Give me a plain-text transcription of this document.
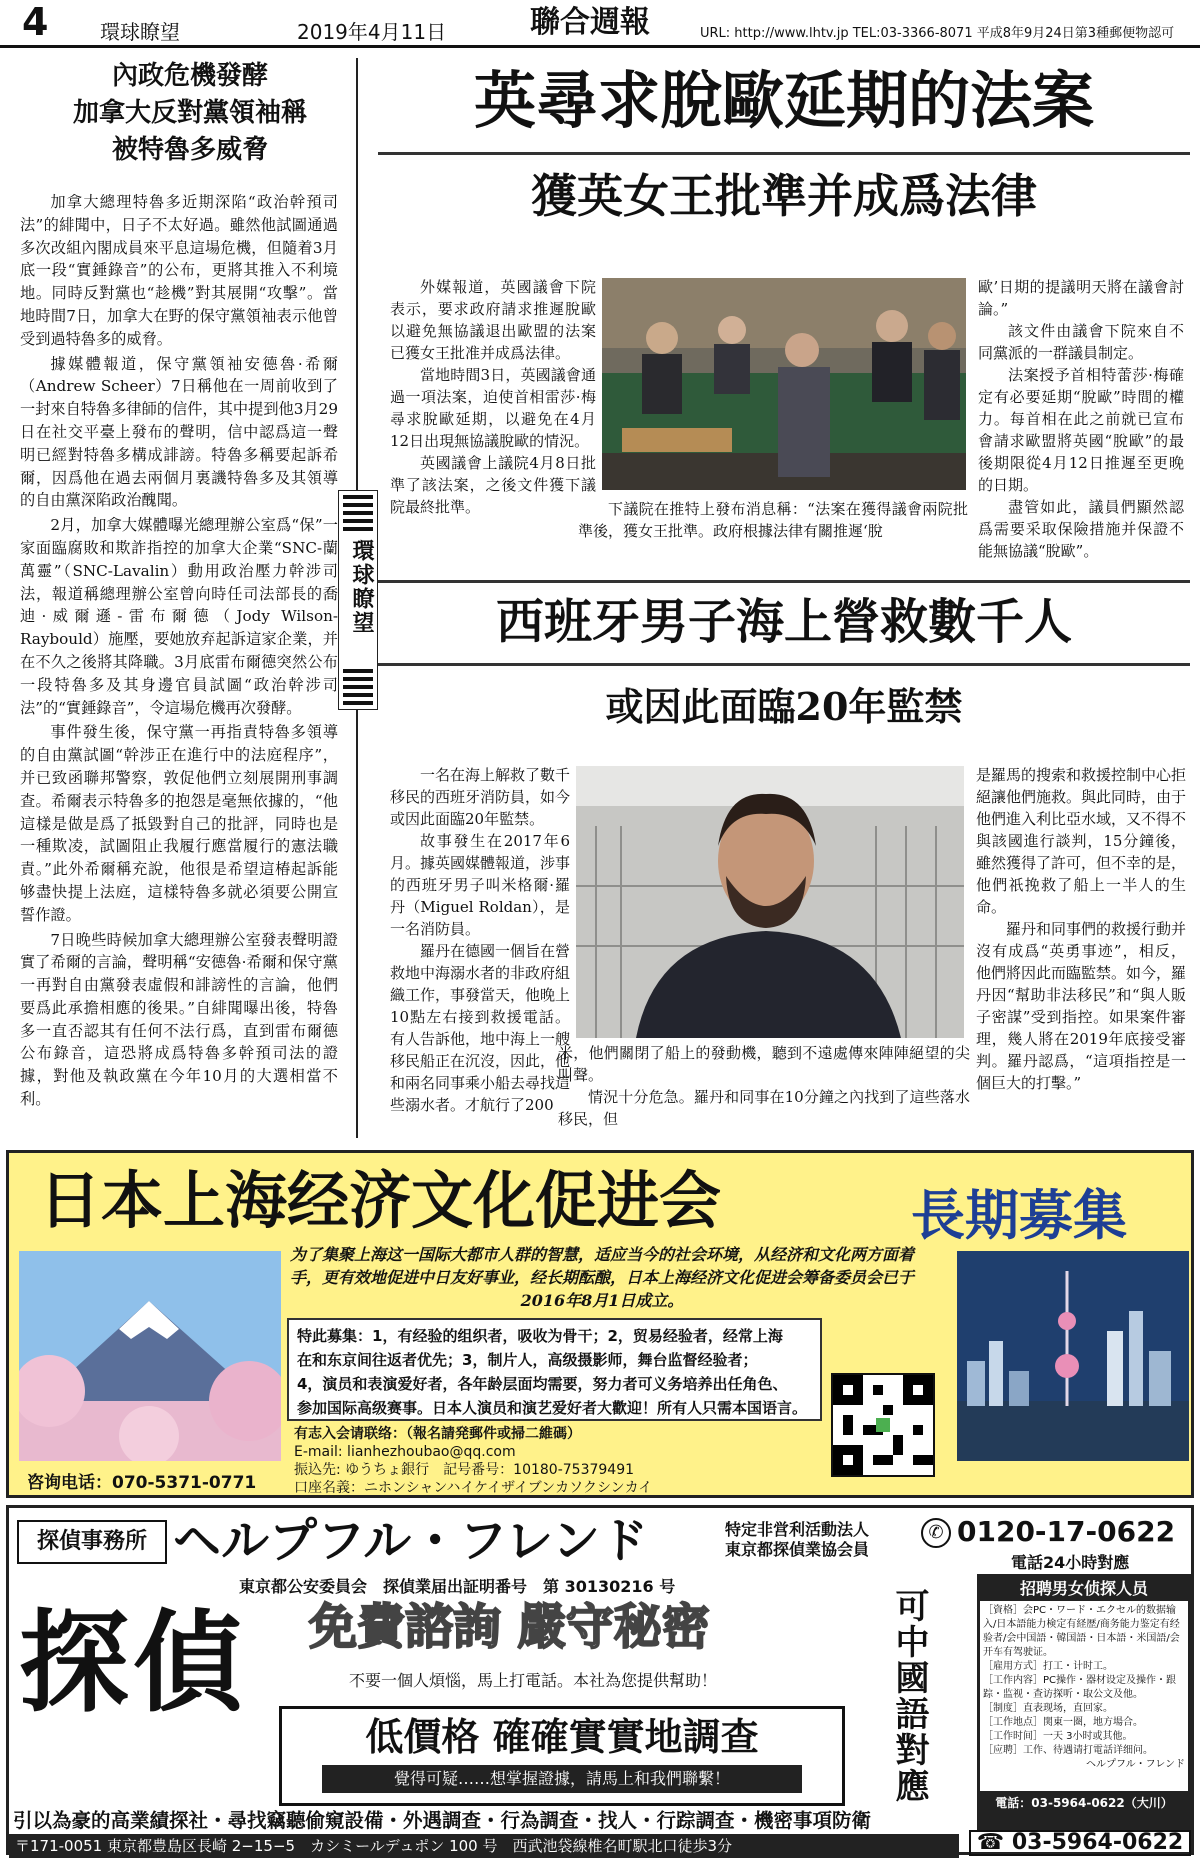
4	環球瞭望	2019年4月11日	聯合週報	URL: http://www.lhtv.jp TEL:03-3366-8071 平成8年9月24日第3種郵便物認可
內政危機發酵
加拿大反對黨領袖稱
被特魯多威脅

加拿大總理特魯多近期深陷“政治幹預司法”的緋聞中，日子不太好過。雖然他試圖通過多次改組內閣成員來平息這場危機，但隨着3月底一段“實錘錄音”的公布，更將其推入不利境地。同時反對黨也“趁機”對其展開“攻擊”。當地時間7日，加拿大在野的保守黨領袖表示他曾受到過特魯多的威脅。

據媒體報道，保守黨領袖安德魯·希爾（Andrew Scheer）7日稱他在一周前收到了一封來自特魯多律師的信件，其中提到他3月29日在社交平臺上發布的聲明，信中認爲這一聲明已經對特魯多構成誹謗。特魯多稱要起訴希爾，因爲他在過去兩個月裏譏特魯多及其領導的自由黨深陷政治醜聞。

2月，加拿大媒體曝光總理辦公室爲“保”一家面臨腐敗和欺詐指控的加拿大企業“SNC-蘭萬靈”（SNC-Lavalin）動用政治壓力幹涉司法，報道稱總理辦公室曾向時任司法部長的喬迪·威爾遜-雷布爾德（Jody Wilson-Raybould）施壓，要她放弃起訴這家企業，并在不久之後將其降職。3月底雷布爾德突然公布一段特魯多及其身邊官員試圖“政治幹涉司法”的“實錘錄音”，令這場危機再次發酵。

事件發生後，保守黨一再指責特魯多領導的自由黨試圖“幹涉正在進行中的法庭程序”，并已致函聯邦警察，敦促他們立刻展開刑事調查。希爾表示特魯多的抱怨是毫無依據的，“他這樣是做是爲了抵毀對自己的批評，同時也是一種欺凌，試圖阻止我履行應當履行的憲法職責。”此外希爾稱充說，他很是希望這椿起訴能够盡快提上法庭，這樣特魯多就必須要公開宣誓作證。

7日晚些時候加拿大總理辦公室發表聲明證實了希爾的言論，聲明稱“安德魯·希爾和保守黨一再對自由黨發表虛假和誹謗性的言論，他們要爲此承擔相應的後果。”自緋聞曝出後，特魯多一直否認其有任何不法行爲，直到雷布爾德公布錄音，這恐將成爲特魯多幹預司法的證據，對他及執政黨在今年10月的大選相當不利。

環球瞭望
英尋求脫歐延期的法案
獲英女王批準并成爲法律

外媒報道，英國議會下院表示，要求政府請求推遲脫歐以避免無協議退出歐盟的法案已獲女王批准并成爲法律。

當地時間3日，英國議會通過一項法案，迫使首相雷莎·梅尋求脫歐延期，以避免在4月12日出現無協議脫歐的情況。

英國議會上議院4月8日批準了該法案，之後文件獲下議院最終批準。	下議院在推特上發布消息稱：“法案在獲得議會兩院批準後，獲女王批準。政府根據法律有關推遲‘脫

歐’日期的提議明天將在議會討論。”

該文件由議會下院來自不同黨派的一群議員制定。

法案授予首相特蕾莎·梅確定有必要延期“脫歐”時間的權力。每首相在此之前就已宣布會請求歐盟將英國“脫歐”的最後期限從4月12日推遲至更晚的日期。

盡管如此，議員們顯然認爲需要采取保險措施并保證不能無協議“脫歐”。

西班牙男子海上營救數千人
或因此面臨20年監禁

一名在海上解救了數千移民的西班牙消防員，如今或因此面臨20年監禁。

故事發生在2017年6月。據英國媒體報道，涉事的西班牙男子叫米格爾·羅丹（Miguel Roldan），是一名消防員。

羅丹在德國一個旨在營救地中海溺水者的非政府組織工作，事發當天，他晚上10點左右接到救援電話。有人告訴他，地中海上一艘移民船正在沉沒，因此，他和兩名同事乘小船去尋找這些溺水者。才航行了200

米，他們關閉了船上的發動機，聽到不遠處傳來陣陣絕望的尖叫聲。

情況十分危急。羅丹和同事在10分鐘之內找到了這些落水移民，但

是羅馬的搜索和救援控制中心拒絕讓他們施救。與此同時，由于他們進入利比亞水域，又不得不與該國進行談判，15分鐘後，雖然獲得了許可，但不幸的是，他們祇挽救了船上一半人的生命。

羅丹和同事們的救援行動并沒有成爲“英勇事迹”，相反，他們將因此而臨監禁。如今，羅丹因“幫助非法移民”和“與人販子密謀”受到指控。如果案件審理，幾人將在2019年底接受審判。羅丹認爲，“這項指控是一個巨大的打擊。”

日本上海经济文化促进会	長期募集
为了集聚上海这一国际大都市人群的智慧，适应当今的社会环境，从经济和文化两方面着手，更有效地促进中日友好事业，经长期酝酿，日本上海经济文化促进会筹备委员会已于2016年8月1日成立。
特此募集：1，有经验的组织者，吸收为骨干；2，贸易经验者，经常上海
在和东京间往返者优先；3，制片人，高级摄影师，舞台监督经验者；
4，演员和表演爱好者，各年龄层面均需要，努力者可义务培养出任角色、
参加国际高级赛事。日本人演员和演艺爱好者大歡迎！所有人只需本国语言。
有志入会请联络：（報名請発郵件或掃二維碼）
E-mail: lianhezhoubao@qq.com
振込先: ゆうちょ銀行　記号番号：10180-75379491
口座名義：ニホンシャンハイケイザイブンカソクシンカイ
咨询电话：070-5371-0771
探偵事務所 ヘルプフル・フレンド	特定非営利活動法人
東京都探偵業協会員
✆ 0120-17-0622
電話24小時對應
東京都公安委員会　探偵業届出証明番号　第 30130216 号
探偵 免費諮詢 嚴守秘密
不要一個人煩惱，馬上打電話。本社為您提供幫助！	可中國語對應
低價格 確確實實地調查
覺得可疑……想掌握證據，請馬上和我們聯繫！
引以為豪的高業績探社・尋找竊聽偷窺設備・外遇調查・行為調查・找人・行踪調查・機密事項防衛
〒171-0051 東京都豊島区長崎 2−15−5　カシミールデュポン 100 号　西武池袋線椎名町駅北口徒歩3分
招聘男女侦探人员
［資格］会PC・ワード・エクセル的数据输入/日本語能力検定有経歴/商务能力鉴定有经验者/会中国語・韓国語・日本語・米国語/会开车有驾驶证。
［雇用方式］打工・计时工。
［工作内容］PC操作・器材设定及操作・跟踪・监视・查访探听・取公文及他。
［制度］直表现场，直回家。
［工作地点］関東一圏，地方場合。
［工作时间］一天 3小时或其他。
［应聘］工作、待遇请打電話详细问。
ヘルプフル・フレンド
電話：03-5964-0622（大川）
☎ 03-5964-0622
